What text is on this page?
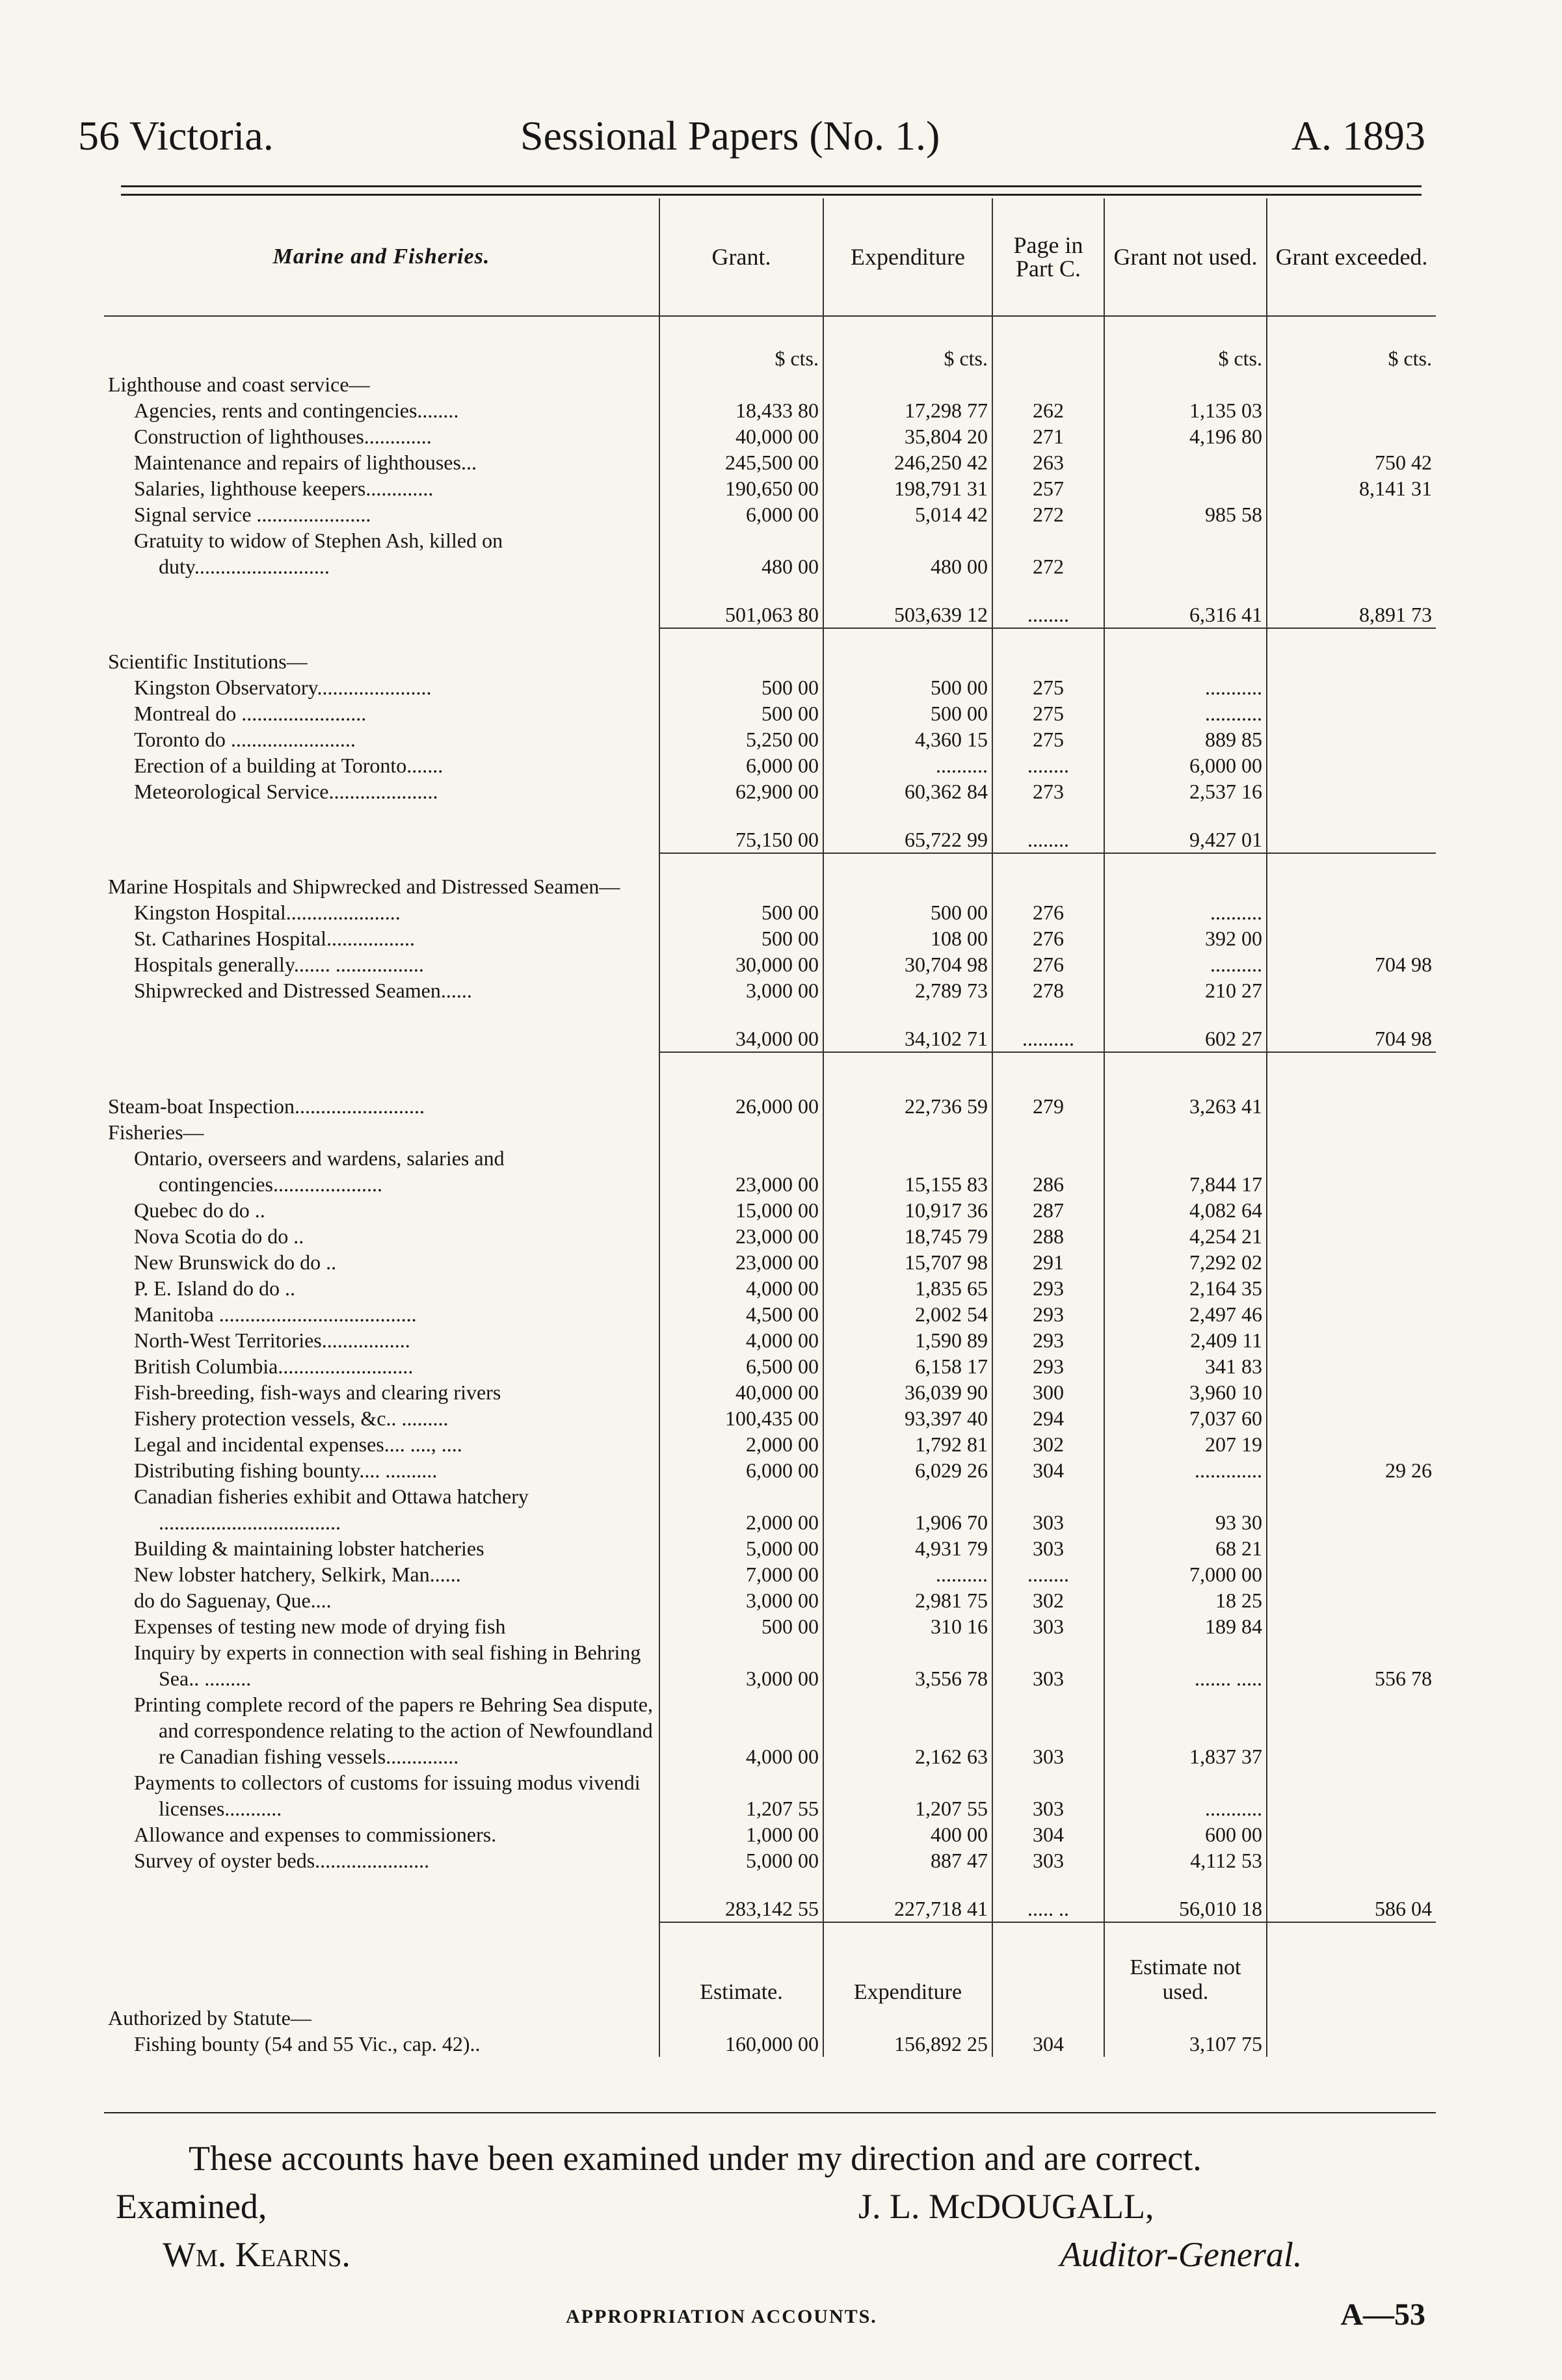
56 Victoria.	Sessional Papers (No. 1.)	A. 1893
Marine and Fisheries.	Grant.	Expenditure	Page in Part C.	Grant not used.	Grant exceeded.
	$ cts.	$ cts.		$ cts.	$ cts.
Lighthouse and coast service—					
Agencies, rents and contingencies........	18,433 80	17,298 77	262	1,135 03	
Construction of lighthouses.............	40,000 00	35,804 20	271	4,196 80	
Maintenance and repairs of lighthouses...	245,500 00	246,250 42	263		750 42
Salaries, lighthouse keepers.............	190,650 00	198,791 31	257		8,141 31
Signal service ......................	6,000 00	5,014 42	272	985 58	
Gratuity to widow of Stephen Ash, killed on duty..........................	480 00	480 00	272		
	501,063 80	503,639 12	........	6,316 41	8,891 73

Scientific Institutions—					
Kingston Observatory......................	500 00	500 00	275	...........	
Montreal do ........................	500 00	500 00	275	...........	
Toronto do ........................	5,250 00	4,360 15	275	889 85	
Erection of a building at Toronto.......	6,000 00	..........	........	6,000 00	
Meteorological Service.....................	62,900 00	60,362 84	273	2,537 16	
	75,150 00	65,722 99	........	9,427 01	

Marine Hospitals and Shipwrecked and Distressed Seamen—					
Kingston Hospital......................	500 00	500 00	276	..........	
St. Catharines Hospital.................	500 00	108 00	276	392 00	
Hospitals generally....... .................	30,000 00	30,704 98	276	..........	704 98
Shipwrecked and Distressed Seamen......	3,000 00	2,789 73	278	210 27	
	34,000 00	34,102 71	..........	602 27	704 98

Steam-boat Inspection.........................	26,000 00	22,736 59	279	3,263 41	
Fisheries—					
Ontario, overseers and wardens, salaries and contingencies.....................	23,000 00	15,155 83	286	7,844 17	
Quebec do do ..	15,000 00	10,917 36	287	4,082 64	
Nova Scotia do do ..	23,000 00	18,745 79	288	4,254 21	
New Brunswick do do ..	23,000 00	15,707 98	291	7,292 02	
P. E. Island do do ..	4,000 00	1,835 65	293	2,164 35	
Manitoba ......................................	4,500 00	2,002 54	293	2,497 46	
North-West Territories.................	4,000 00	1,590 89	293	2,409 11	
British Columbia..........................	6,500 00	6,158 17	293	341 83	
Fish-breeding, fish-ways and clearing rivers	40,000 00	36,039 90	300	3,960 10	
Fishery protection vessels, &c.. .........	100,435 00	93,397 40	294	7,037 60	
Legal and incidental expenses.... ...., ....	2,000 00	1,792 81	302	207 19	
Distributing fishing bounty.... ..........	6,000 00	6,029 26	304	.............	29 26
Canadian fisheries exhibit and Ottawa hatchery ...................................	2,000 00	1,906 70	303	93 30	
Building & maintaining lobster hatcheries	5,000 00	4,931 79	303	68 21	
New lobster hatchery, Selkirk, Man......	7,000 00	..........	........	7,000 00	
do do Saguenay, Que....	3,000 00	2,981 75	302	18 25	
Expenses of testing new mode of drying fish	500 00	310 16	303	189 84	
Inquiry by experts in connection with seal fishing in Behring Sea.. .........	3,000 00	3,556 78	303	....... .....	556 78
Printing complete record of the papers re Behring Sea dispute, and correspondence relating to the action of Newfoundland re Canadian fishing vessels..............	4,000 00	2,162 63	303	1,837 37	
Payments to collectors of customs for issuing modus vivendi licenses...........	1,207 55	1,207 55	303	...........	
Allowance and expenses to commissioners.	1,000 00	400 00	304	600 00	
Survey of oyster beds......................	5,000 00	887 47	303	4,112 53	
	283,142 55	227,718 41	..... ..	56,010 18	586 04
	Estimate.	Expenditure		Estimate not used.	
Authorized by Statute—					
Fishing bounty (54 and 55 Vic., cap. 42)..	160,000 00	156,892 25	304	3,107 75	
These accounts have been examined under my direction and are correct.
Examined,	J. L. McDOUGALL,
Wm. Kearns.	Auditor-General.
APPROPRIATION ACCOUNTS.	A—53
